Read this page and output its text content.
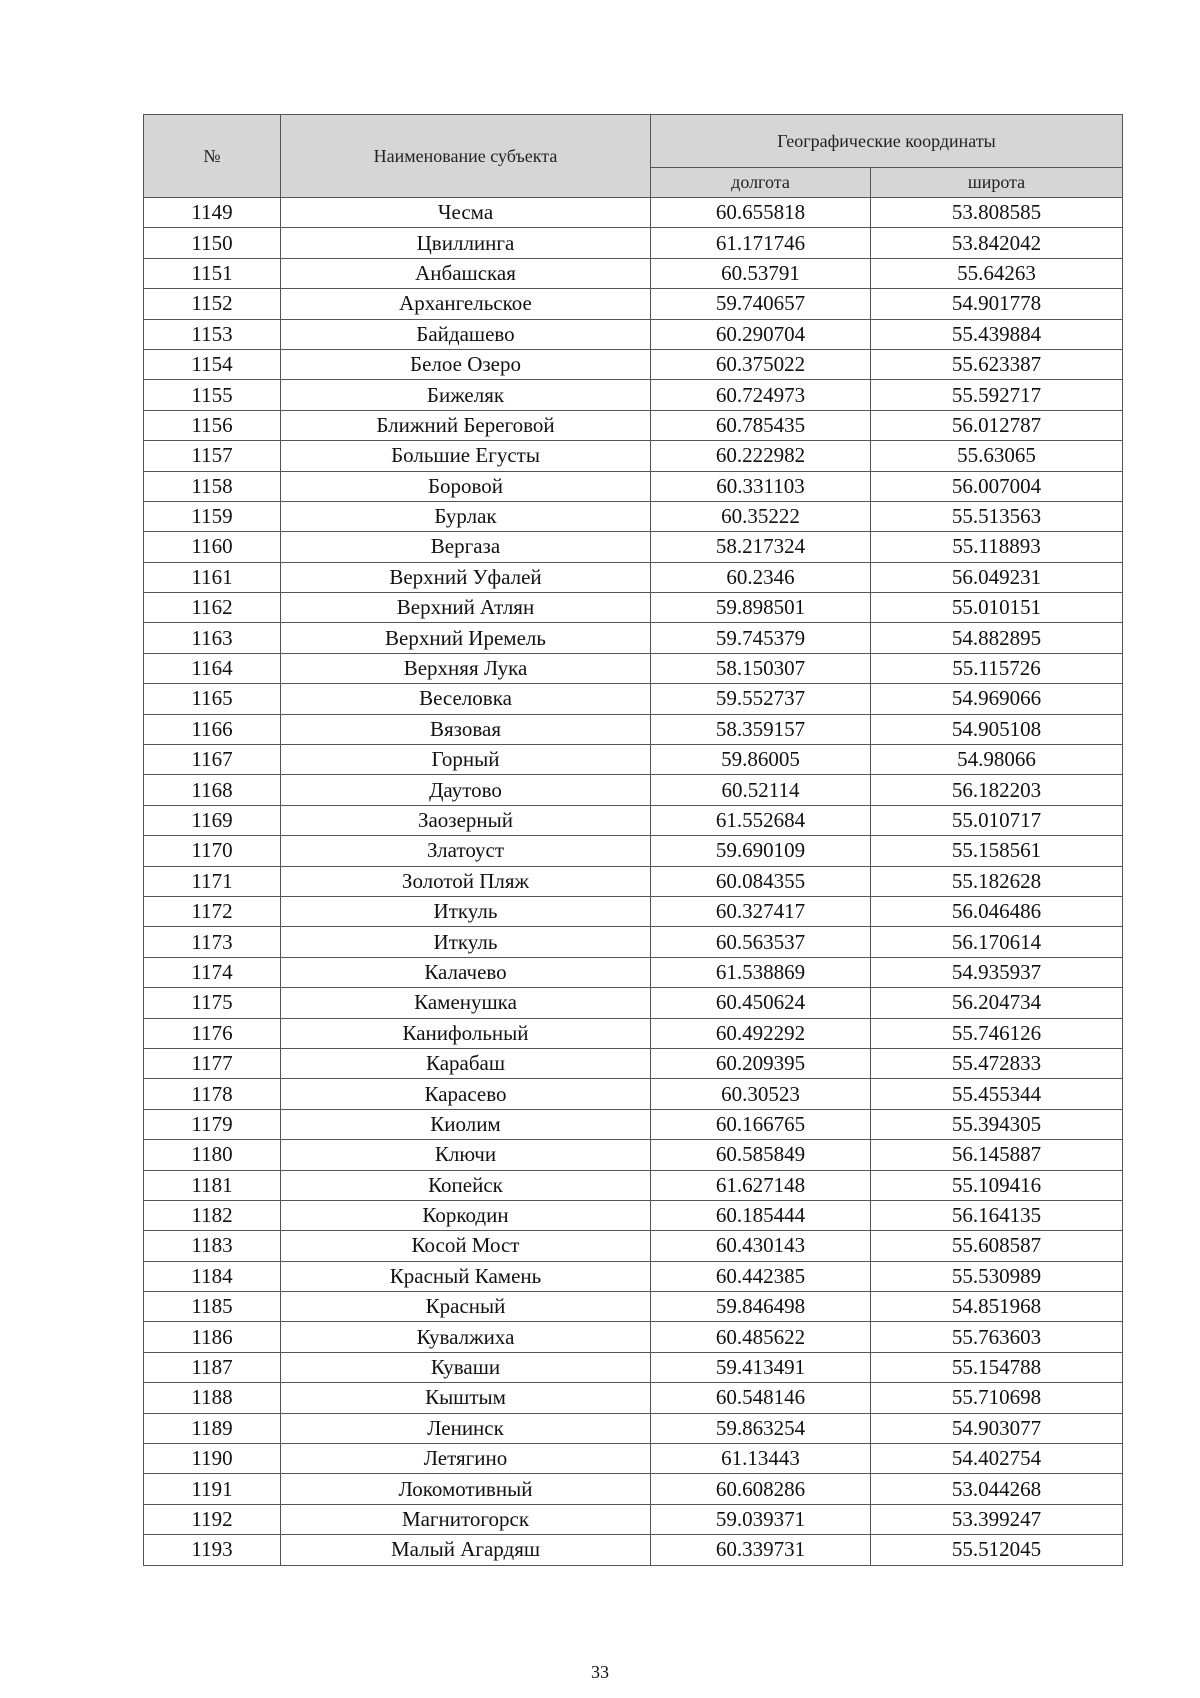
№	Наименование субъекта	Географические координаты	
		долгота	широта
1149	Чесма	60.655818	53.808585
1150	Цвиллинга	61.171746	53.842042
1151	Анбашская	60.53791	55.64263
1152	Архангельское	59.740657	54.901778
1153	Байдашево	60.290704	55.439884
1154	Белое Озеро	60.375022	55.623387
1155	Бижеляк	60.724973	55.592717
1156	Ближний Береговой	60.785435	56.012787
1157	Большие Егусты	60.222982	55.63065
1158	Боровой	60.331103	56.007004
1159	Бурлак	60.35222	55.513563
1160	Вергаза	58.217324	55.118893
1161	Верхний Уфалей	60.2346	56.049231
1162	Верхний Атлян	59.898501	55.010151
1163	Верхний Иремель	59.745379	54.882895
1164	Верхняя Лука	58.150307	55.115726
1165	Веселовка	59.552737	54.969066
1166	Вязовая	58.359157	54.905108
1167	Горный	59.86005	54.98066
1168	Даутово	60.52114	56.182203
1169	Заозерный	61.552684	55.010717
1170	Златоуст	59.690109	55.158561
1171	Золотой Пляж	60.084355	55.182628
1172	Иткуль	60.327417	56.046486
1173	Иткуль	60.563537	56.170614
1174	Калачево	61.538869	54.935937
1175	Каменушка	60.450624	56.204734
1176	Канифольный	60.492292	55.746126
1177	Карабаш	60.209395	55.472833
1178	Карасево	60.30523	55.455344
1179	Киолим	60.166765	55.394305
1180	Ключи	60.585849	56.145887
1181	Копейск	61.627148	55.109416
1182	Коркодин	60.185444	56.164135
1183	Косой Мост	60.430143	55.608587
1184	Красный Камень	60.442385	55.530989
1185	Красный	59.846498	54.851968
1186	Кувалжиха	60.485622	55.763603
1187	Куваши	59.413491	55.154788
1188	Кыштым	60.548146	55.710698
1189	Ленинск	59.863254	54.903077
1190	Летягино	61.13443	54.402754
1191	Локомотивный	60.608286	53.044268
1192	Магнитогорск	59.039371	53.399247
1193	Малый Агардяш	60.339731	55.512045
33
